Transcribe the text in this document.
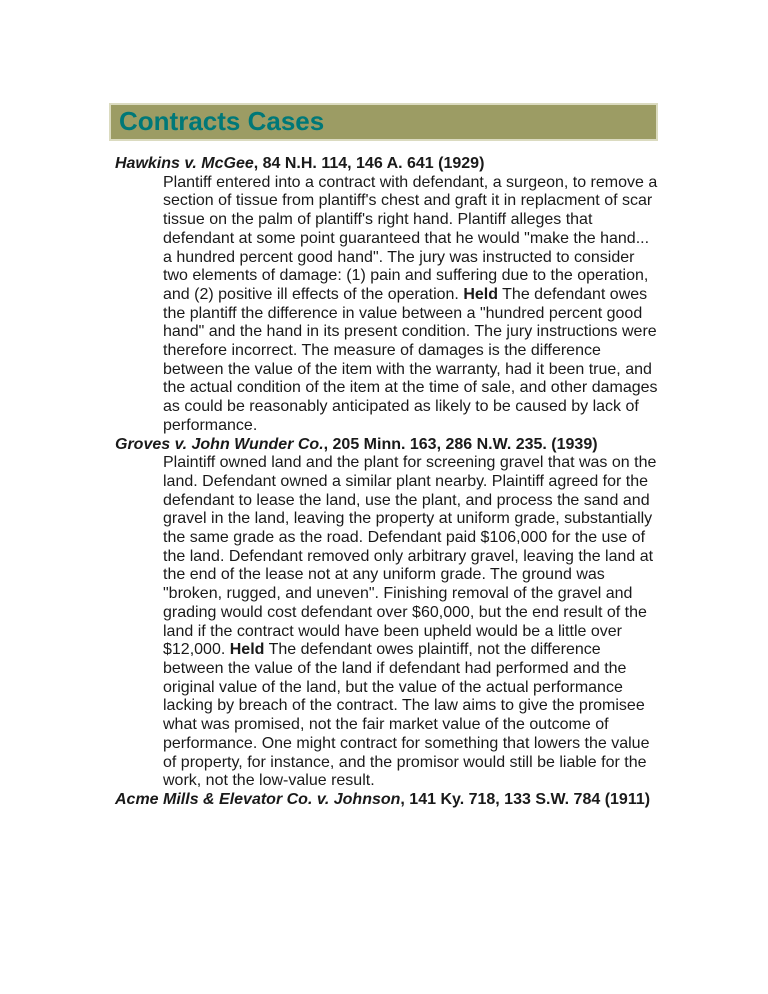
Contracts Cases
Hawkins v. McGee, 84 N.H. 114, 146 A. 641 (1929)
Plantiff entered into a contract with defendant, a surgeon, to remove a section of tissue from plantiff's chest and graft it in replacment of scar tissue on the palm of plantiff's right hand. Plantiff alleges that defendant at some point guaranteed that he would "make the hand... a hundred percent good hand". The jury was instructed to consider two elements of damage: (1) pain and suffering due to the operation, and (2) positive ill effects of the operation. Held The defendant owes the plantiff the difference in value between a "hundred percent good hand" and the hand in its present condition. The jury instructions were therefore incorrect. The measure of damages is the difference between the value of the item with the warranty, had it been true, and the actual condition of the item at the time of sale, and other damages as could be reasonably anticipated as likely to be caused by lack of performance.
Groves v. John Wunder Co., 205 Minn. 163, 286 N.W. 235. (1939)
Plaintiff owned land and the plant for screening gravel that was on the land. Defendant owned a similar plant nearby. Plaintiff agreed for the defendant to lease the land, use the plant, and process the sand and gravel in the land, leaving the property at uniform grade, substantially the same grade as the road. Defendant paid $106,000 for the use of the land. Defendant removed only arbitrary gravel, leaving the land at the end of the lease not at any uniform grade. The ground was "broken, rugged, and uneven". Finishing removal of the gravel and grading would cost defendant over $60,000, but the end result of the land if the contract would have been upheld would be a little over $12,000. Held The defendant owes plaintiff, not the difference between the value of the land if defendant had performed and the original value of the land, but the value of the actual performance lacking by breach of the contract. The law aims to give the promisee what was promised, not the fair market value of the outcome of performance. One might contract for something that lowers the value of property, for instance, and the promisor would still be liable for the work, not the low-value result.
Acme Mills & Elevator Co. v. Johnson, 141 Ky. 718, 133 S.W. 784 (1911)
